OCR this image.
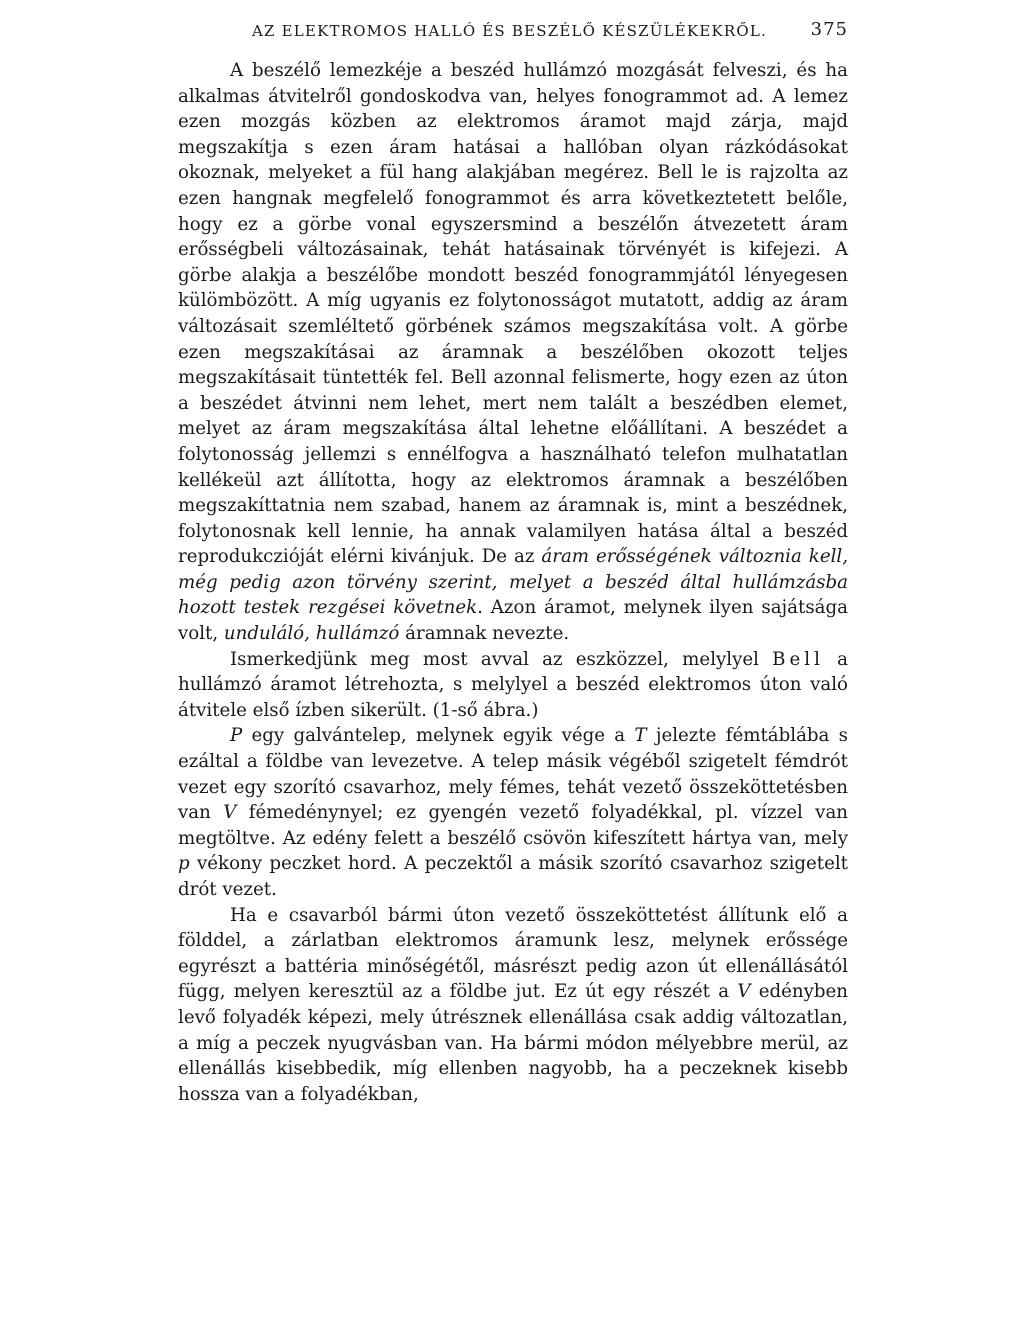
AZ ELEKTROMOS HALLÓ ÉS BESZÉLŐ KÉSZÜLÉKEKRŐL. 375

A beszélő lemezkéje a beszéd hullámzó mozgását felveszi, és ha alkalmas átvitelről gondoskodva van, helyes fonogrammot ad. A lemez ezen mozgás közben az elektromos áramot majd zárja, majd megszakítja s ezen áram hatásai a hallóban olyan rázkódásokat okoznak, melyeket a fül hang alakjában megérez. Bell le is rajzolta az ezen hangnak megfelelő fonogrammot és arra következtetett belőle, hogy ez a görbe vonal egyszersmind a beszélőn átvezetett áram erősségbeli változásainak, tehát hatásainak törvényét is kifejezi. A görbe alakja a beszélőbe mondott beszéd fonogrammjától lényegesen külömbözött. A míg ugyanis ez folytonosságot mutatott, addig az áram változásait szemléltető görbének számos megszakítása volt. A görbe ezen megszakításai az áramnak a beszélőben okozott teljes megszakításait tüntették fel. Bell azonnal felismerte, hogy ezen az úton a beszédet átvinni nem lehet, mert nem talált a beszédben elemet, melyet az áram megszakítása által lehetne előállítani. A beszédet a folytonosság jellemzi s ennélfogva a használható telefon mulhatatlan kellékeül azt állította, hogy az elektromos áramnak a beszélőben megszakíttatnia nem szabad, hanem az áramnak is, mint a beszédnek, folytonosnak kell lennie, ha annak valamilyen hatása által a beszéd reprodukczióját elérni kivánjuk. De az áram erősségének változnia kell, még pedig azon törvény szerint, melyet a beszéd által hullámzásba hozott testek rezgései követnek. Azon áramot, melynek ilyen sajátsága volt, unduláló, hullámzó áramnak nevezte.

Ismerkedjünk meg most avval az eszközzel, melylyel Bell a hullámzó áramot létrehozta, s melylyel a beszéd elektromos úton való átvitele első ízben sikerült. (1-ső ábra.)

P egy galvántelep, melynek egyik vége a T jelezte fémtáblába s ezáltal a földbe van levezetve. A telep másik végéből szigetelt fémdrót vezet egy szorító csavarhoz, mely fémes, tehát vezető összeköttetésben van V fémedénynyel; ez gyengén vezető folyadékkal, pl. vízzel van megtöltve. Az edény felett a beszélő csövön kifeszített hártya van, mely p vékony peczket hord. A peczektől a másik szorító csavarhoz szigetelt drót vezet.

Ha e csavarból bármi úton vezető összeköttetést állítunk elő a földdel, a zárlatban elektromos áramunk lesz, melynek erőssége egyrészt a battéria minőségétől, másrészt pedig azon út ellenállásától függ, melyen keresztül az a földbe jut. Ez út egy részét a V edényben levő folyadék képezi, mely útrésznek ellenállása csak addig változatlan, a míg a peczek nyugvásban van. Ha bármi módon mélyebbre merül, az ellenállás kisebbedik, míg ellenben nagyobb, ha a peczeknek kisebb hossza van a folyadékban,
